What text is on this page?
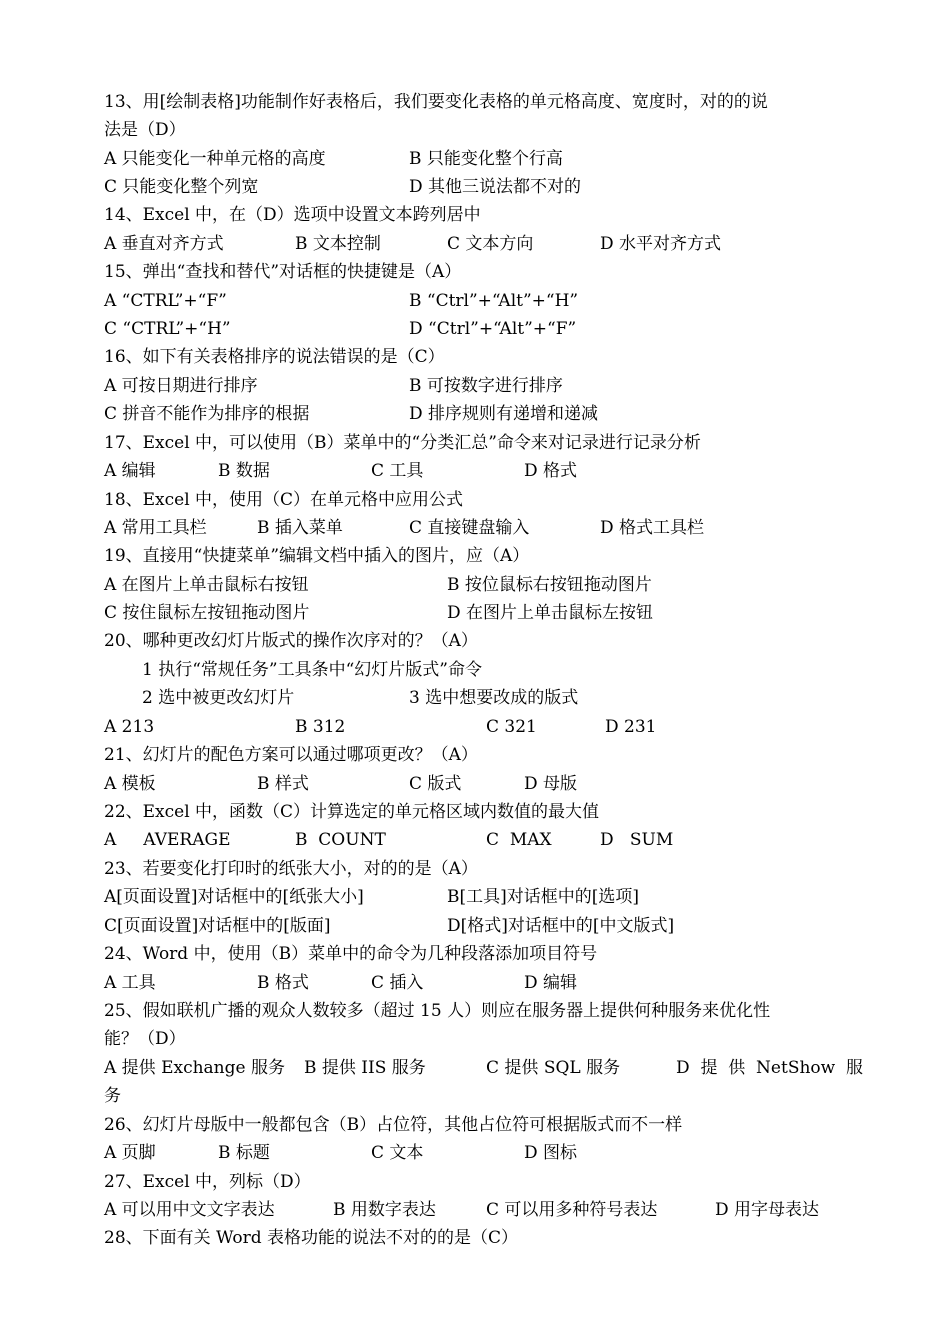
13、用[绘制表格]功能制作好表格后，我们要变化表格的单元格高度、宽度时，对的的说
法是（D）
A 只能变化一种单元格的高度	B 只能变化整个行高
C 只能变化整个列宽	D 其他三说法都不对的
14、Excel 中，在（D）选项中设置文本跨列居中
A 垂直对齐方式	B 文本控制	C 文本方向	D 水平对齐方式
15、弹出“查找和替代”对话框的快捷键是（A）
A “CTRL”+“F”	B “Ctrl”+“Alt”+“H”
C “CTRL”+“H”	D “Ctrl”+“Alt”+“F”
16、如下有关表格排序的说法错误的是（C）
A 可按日期进行排序	B 可按数字进行排序
C 拼音不能作为排序的根据	D 排序规则有递增和递减
17、Excel 中，可以使用（B）菜单中的“分类汇总”命令来对记录进行记录分析
A 编辑	B 数据	C 工具	D 格式
18、Excel 中，使用（C）在单元格中应用公式
A 常用工具栏	B 插入菜单	C 直接键盘输入	D 格式工具栏
19、直接用“快捷菜单”编辑文档中插入的图片，应（A）
A 在图片上单击鼠标右按钮	B 按位鼠标右按钮拖动图片
C 按住鼠标左按钮拖动图片	D 在图片上单击鼠标左按钮
20、哪种更改幻灯片版式的操作次序对的？（A）
1 执行“常规任务”工具条中“幻灯片版式”命令
2 选中被更改幻灯片	3 选中想要改成的版式
A 213	B 312	C 321	D 231
21、幻灯片的配色方案可以通过哪项更改？（A）
A 模板	B 样式	C 版式	D 母版
22、Excel 中，函数（C）计算选定的单元格区域内数值的最大值
A     AVERAGE	B  COUNT	C  MAX	D   SUM
23、若要变化打印时的纸张大小，对的的是（A）
A[页面设置]对话框中的[纸张大小]	B[工具]对话框中的[选项]
C[页面设置]对话框中的[版面]	D[格式]对话框中的[中文版式]
24、Word 中，使用（B）菜单中的命令为几种段落添加项目符号
A 工具	B 格式	C 插入	D 编辑
25、假如联机广播的观众人数较多（超过 15 人）则应在服务器上提供何种服务来优化性
能？（D）
A 提供 Exchange 服务 B 提供 IIS 服务	C 提供 SQL 服务	D  提  供  NetShow  服
务
26、幻灯片母版中一般都包含（B）占位符，其他占位符可根据版式而不一样
A 页脚	B 标题	C 文本	D 图标
27、Excel 中，列标（D）
A 可以用中文文字表达	B 用数字表达	C 可以用多种符号表达	D 用字母表达
28、下面有关 Word 表格功能的说法不对的的是（C）
